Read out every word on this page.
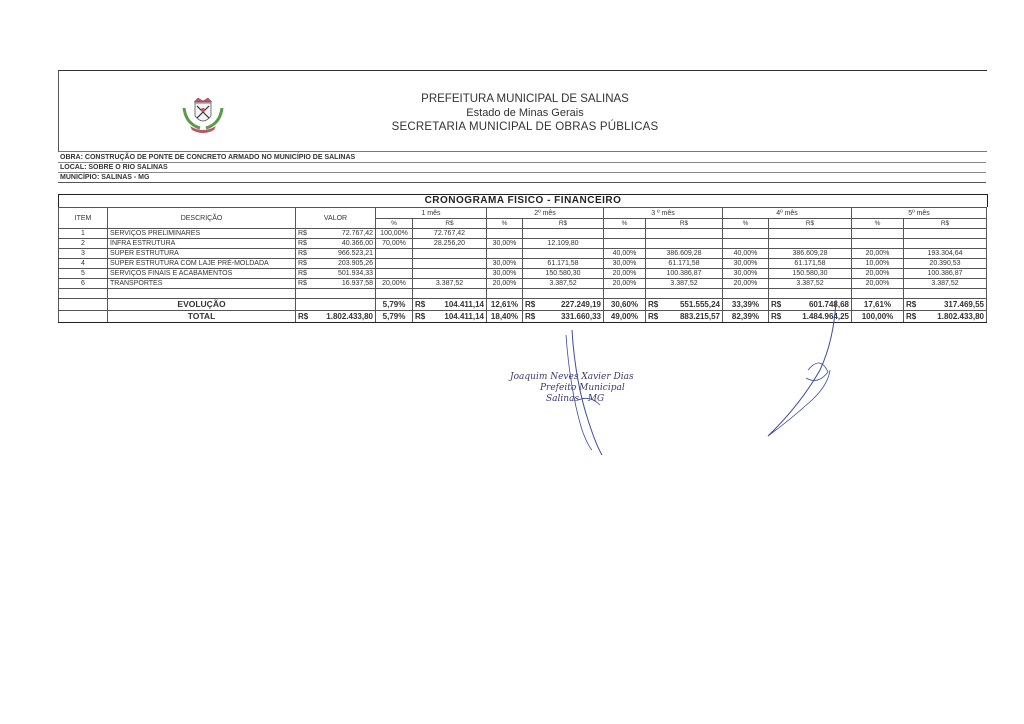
PREFEITURA MUNICIPAL DE SALINAS
Estado de Minas Gerais
SECRETARIA MUNICIPAL DE OBRAS PÚBLICAS
OBRA: CONSTRUÇÃO DE PONTE DE CONCRETO ARMADO NO MUNICÍPIO DE SALINAS
LOCAL: SOBRE O RIO SALINAS
MUNICÍPIO: SALINAS - MG
CRONOGRAMA FÍSICO - FINANCEIRO
ITEM	DESCRIÇÃO	VALOR	1 mês		2º mês		3 º mês		4º mês		5º mês	
			%	R$	%	R$	%	R$	%	R$	%	R$
1	SERVIÇOS PRELIMINARES	R$ 72.767,42	100,00%	72.767,42								
2	INFRA ESTRUTURA	R$ 40.366,00	70,00%	28.256,20	30,00%	12.109,80						
3	SUPER ESTRUTURA	R$ 966.523,21					40,00%	386.609,28	40,00%	386.609,28	20,00%	193.304,64
4	SUPER ESTRUTURA COM LAJE PRÉ-MOLDADA	R$ 203.905,26			30,00%	61.171,58	30,00%	61.171,58	30,00%	61.171,58	10,00%	20.390,53
5	SERVIÇOS FINAIS E ACABAMENTOS	R$ 501.934,33			30,00%	150.580,30	20,00%	100.386,87	30,00%	150.580,30	20,00%	100.386,87
6	TRANSPORTES	R$ 16.937,58	20,00%	3.387,52	20,00%	3.387,52	20,00%	3.387,52	20,00%	3.387,52	20,00%	3.387,52

	EVOLUÇÃO		5,79%	R$ 104.411,14	12,61%	R$ 227.249,19	30,60%	R$ 551.555,24	33,39%	R$ 601.748,68	17,61%	R$ 317.469,55

	TOTAL	R$ 1.802.433,80	5,79%	R$ 104.411,14	18,40%	R$ 331.660,33	49,00%	R$ 883.215,57	82,39%	R$ 1.484.964,25	100,00%	R$ 1.802.433,80
Joaquim Neves Xavier Dias
Prefeito Municipal
Salinas - MG
